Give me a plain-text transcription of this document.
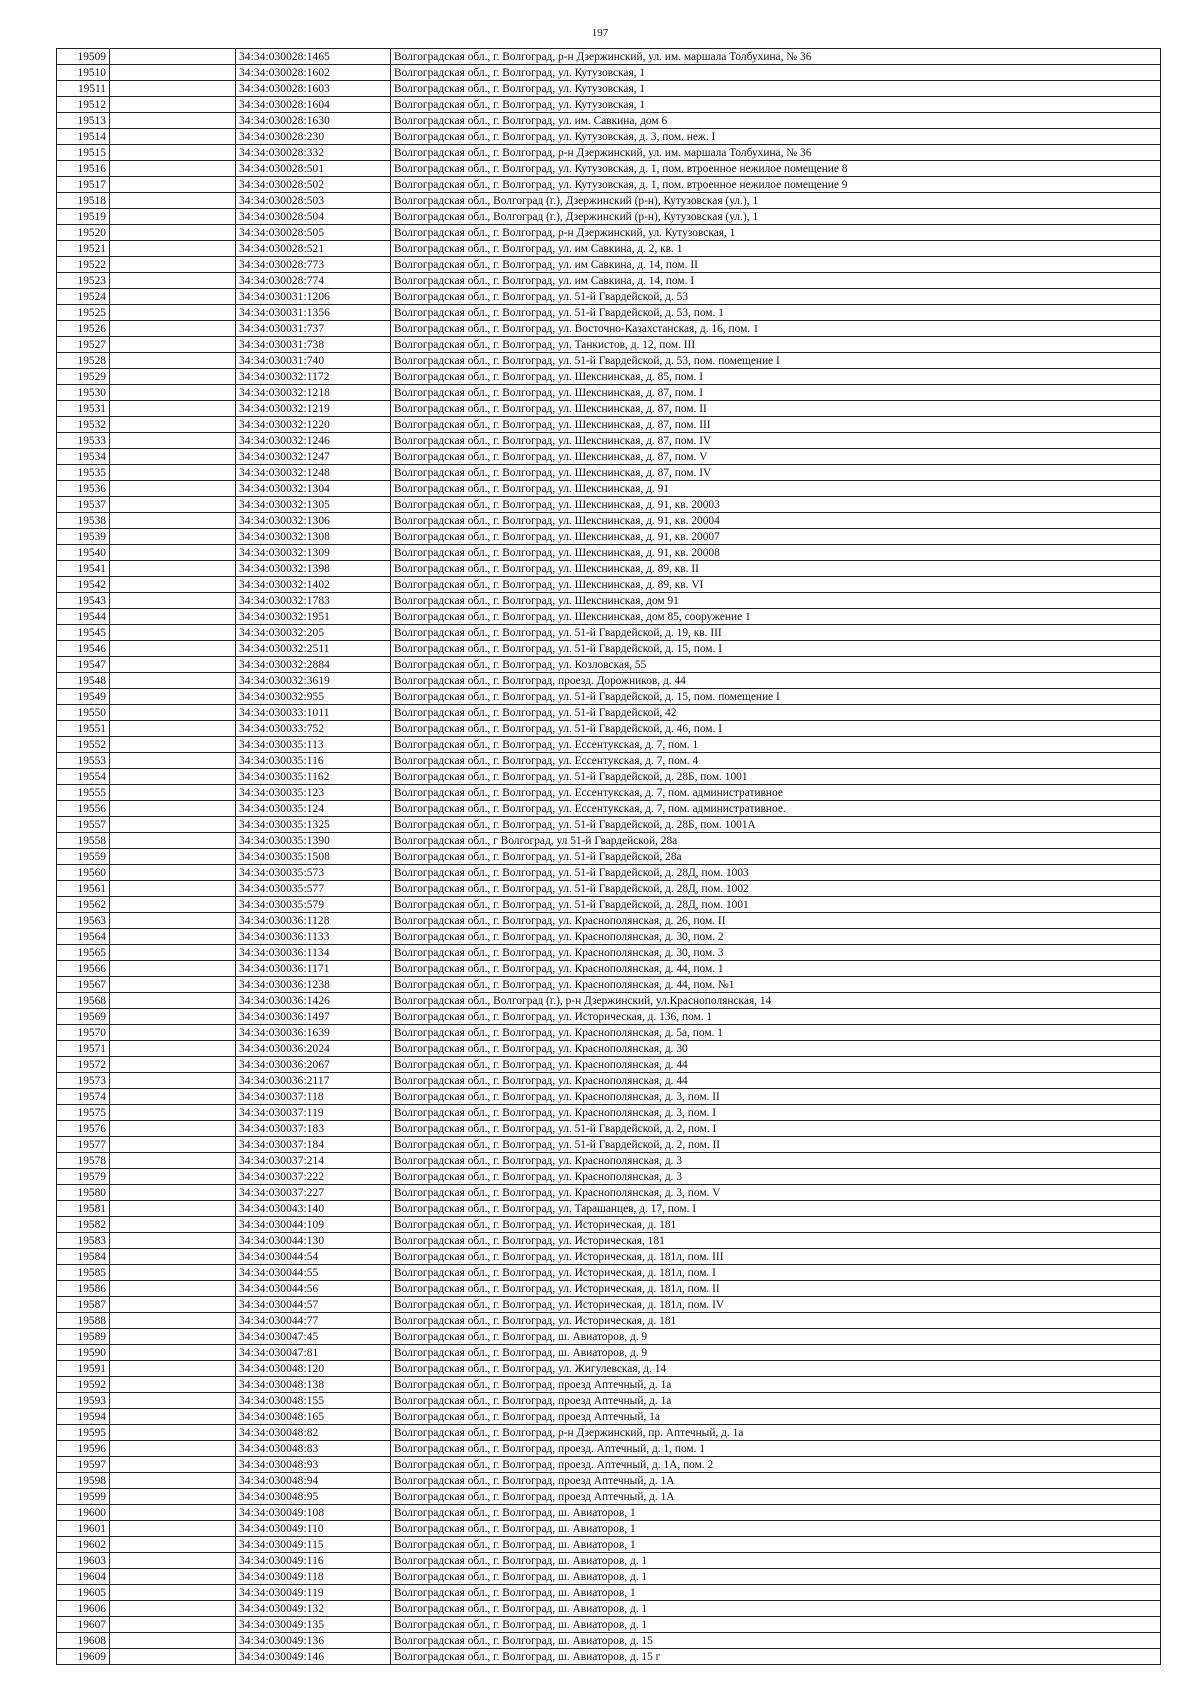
197
19509		34:34:030028:1465	Волгоградская обл., г. Волгоград, р-н Дзержинский, ул. им. маршала Толбухина, № 36
19510		34:34:030028:1602	Волгоградская обл., г. Волгоград, ул. Кутузовская, 1
19511		34:34:030028:1603	Волгоградская обл., г. Волгоград, ул. Кутузовская, 1
19512		34:34:030028:1604	Волгоградская обл., г. Волгоград, ул. Кутузовская, 1
19513		34:34:030028:1630	Волгоградская обл., г. Волгоград, ул. им. Савкина, дом 6
19514		34:34:030028:230	Волгоградская обл., г. Волгоград, ул. Кутузовская, д. 3, пом. неж. I
19515		34:34:030028:332	Волгоградская обл., г. Волгоград, р-н Дзержинский, ул. им. маршала Толбухина, № 36
19516		34:34:030028:501	Волгоградская обл., г. Волгоград, ул. Кутузовская, д. 1, пом. втроенное нежилое помещение 8
19517		34:34:030028:502	Волгоградская обл., г. Волгоград, ул. Кутузовская, д. 1, пом. втроенное нежилое помещение 9
19518		34:34:030028:503	Волгоградская обл., Волгоград (г.), Дзержинский (р-н), Кутузовская (ул.), 1
19519		34:34:030028:504	Волгоградская обл., Волгоград (г.), Дзержинский (р-н), Кутузовская (ул.), 1
19520		34:34:030028:505	Волгоградская обл., г. Волгоград, р-н Дзержинский, ул. Кутузовская, 1
19521		34:34:030028:521	Волгоградская обл., г. Волгоград, ул. им Савкина, д. 2, кв. 1
19522		34:34:030028:773	Волгоградская обл., г. Волгоград, ул. им Савкина, д. 14, пом. II
19523		34:34:030028:774	Волгоградская обл., г. Волгоград, ул. им Савкина, д. 14, пом. I
19524		34:34:030031:1206	Волгоградская обл., г. Волгоград, ул. 51-й Гвардейской, д. 53
19525		34:34:030031:1356	Волгоградская обл., г. Волгоград, ул. 51-й Гвардейской, д. 53, пом. 1
19526		34:34:030031:737	Волгоградская обл., г. Волгоград, ул. Восточно-Казахстанская, д. 16, пом. 1
19527		34:34:030031:738	Волгоградская обл., г. Волгоград, ул. Танкистов, д. 12, пом. III
19528		34:34:030031:740	Волгоградская обл., г. Волгоград, ул. 51-й Гвардейской, д. 53, пом. помещение I
19529		34:34:030032:1172	Волгоградская обл., г. Волгоград, ул. Шекснинская, д. 85, пом. I
19530		34:34:030032:1218	Волгоградская обл., г. Волгоград, ул. Шекснинская, д. 87, пом. I
19531		34:34:030032:1219	Волгоградская обл., г. Волгоград, ул. Шекснинская, д. 87, пом. II
19532		34:34:030032:1220	Волгоградская обл., г. Волгоград, ул. Шекснинская, д. 87, пом. III
19533		34:34:030032:1246	Волгоградская обл., г. Волгоград, ул. Шекснинская, д. 87, пом. IV
19534		34:34:030032:1247	Волгоградская обл., г. Волгоград, ул. Шекснинская, д. 87, пом. V
19535		34:34:030032:1248	Волгоградская обл., г. Волгоград, ул. Шекснинская, д. 87, пом. IV
19536		34:34:030032:1304	Волгоградская обл., г. Волгоград, ул. Шекснинская, д. 91
19537		34:34:030032:1305	Волгоградская обл., г. Волгоград, ул. Шекснинская, д. 91, кв. 20003
19538		34:34:030032:1306	Волгоградская обл., г. Волгоград, ул. Шекснинская, д. 91, кв. 20004
19539		34:34:030032:1308	Волгоградская обл., г. Волгоград, ул. Шекснинская, д. 91, кв. 20007
19540		34:34:030032:1309	Волгоградская обл., г. Волгоград, ул. Шекснинская, д. 91, кв. 20008
19541		34:34:030032:1398	Волгоградская обл., г. Волгоград, ул. Шекснинская, д. 89, кв. II
19542		34:34:030032:1402	Волгоградская обл., г. Волгоград, ул. Шекснинская, д. 89, кв. VI
19543		34:34:030032:1783	Волгоградская обл., г. Волгоград, ул. Шекснинская, дом 91
19544		34:34:030032:1951	Волгоградская обл., г. Волгоград, ул. Шекснинская, дом 85, сооружение 1
19545		34:34:030032:205	Волгоградская обл., г. Волгоград, ул. 51-й Гвардейской, д. 19, кв. III
19546		34:34:030032:2511	Волгоградская обл., г. Волгоград, ул. 51-й Гвардейской, д. 15, пом. I
19547		34:34:030032:2884	Волгоградская обл., г. Волгоград, ул. Козловская, 55
19548		34:34:030032:3619	Волгоградская обл., г. Волгоград, проезд. Дорожников, д. 44
19549		34:34:030032:955	Волгоградская обл., г. Волгоград, ул. 51-й Гвардейской, д. 15, пом. помещение I
19550		34:34:030033:1011	Волгоградская обл., г. Волгоград, ул. 51-й Гвардейской, 42
19551		34:34:030033:752	Волгоградская обл., г. Волгоград, ул. 51-й Гвардейской, д. 46, пом. I
19552		34:34:030035:113	Волгоградская обл., г. Волгоград, ул. Ессентукская, д. 7, пом. 1
19553		34:34:030035:116	Волгоградская обл., г. Волгоград, ул. Ессентукская, д. 7, пом. 4
19554		34:34:030035:1162	Волгоградская обл., г. Волгоград, ул. 51-й Гвардейской, д. 28Б, пом. 1001
19555		34:34:030035:123	Волгоградская обл., г. Волгоград, ул. Ессентукская, д. 7, пом. административное
19556		34:34:030035:124	Волгоградская обл., г. Волгоград, ул. Ессентукская, д. 7, пом. административное.
19557		34:34:030035:1325	Волгоградская обл., г. Волгоград, ул. 51-й Гвардейской, д. 28Б, пом. 1001А
19558		34:34:030035:1390	Волгоградская обл., г Волгоград, ул 51-й Гвардейской, 28а
19559		34:34:030035:1508	Волгоградская обл., г. Волгоград, ул. 51-й Гвардейской, 28а
19560		34:34:030035:573	Волгоградская обл., г. Волгоград, ул. 51-й Гвардейской, д. 28Д, пом. 1003
19561		34:34:030035:577	Волгоградская обл., г. Волгоград, ул. 51-й Гвардейской, д. 28Д, пом. 1002
19562		34:34:030035:579	Волгоградская обл., г. Волгоград, ул. 51-й Гвардейской, д. 28Д, пом. 1001
19563		34:34:030036:1128	Волгоградская обл., г. Волгоград, ул. Краснополянская, д. 26, пом. II
19564		34:34:030036:1133	Волгоградская обл., г. Волгоград, ул. Краснополянская, д. 30, пом. 2
19565		34:34:030036:1134	Волгоградская обл., г. Волгоград, ул. Краснополянская, д. 30, пом. 3
19566		34:34:030036:1171	Волгоградская обл., г. Волгоград, ул. Краснополянская, д. 44, пом. 1
19567		34:34:030036:1238	Волгоградская обл., г. Волгоград, ул. Краснополянская, д. 44, пом. №1
19568		34:34:030036:1426	Волгоградская обл., Волгоград (г.), р-н Дзержинский, ул.Краснополянская, 14
19569		34:34:030036:1497	Волгоградская обл., г. Волгоград, ул. Историческая, д. 136, пом. 1
19570		34:34:030036:1639	Волгоградская обл., г. Волгоград, ул. Краснополянская, д. 5а, пом. 1
19571		34:34:030036:2024	Волгоградская обл., г. Волгоград, ул. Краснополянская, д. 30
19572		34:34:030036:2067	Волгоградская обл., г. Волгоград, ул. Краснополянская, д. 44
19573		34:34:030036:2117	Волгоградская обл., г. Волгоград, ул. Краснополянская, д. 44
19574		34:34:030037:118	Волгоградская обл., г. Волгоград, ул. Краснополянская, д. 3, пом. II
19575		34:34:030037:119	Волгоградская обл., г. Волгоград, ул. Краснополянская, д. 3, пом. I
19576		34:34:030037:183	Волгоградская обл., г. Волгоград, ул. 51-й Гвардейской, д. 2, пом. I
19577		34:34:030037:184	Волгоградская обл., г. Волгоград, ул. 51-й Гвардейской, д. 2, пом. II
19578		34:34:030037:214	Волгоградская обл., г. Волгоград, ул. Краснополянская, д. 3
19579		34:34:030037:222	Волгоградская обл., г. Волгоград, ул. Краснополянская, д. 3
19580		34:34:030037:227	Волгоградская обл., г. Волгоград, ул. Краснополянская, д. 3, пом. V
19581		34:34:030043:140	Волгоградская обл., г. Волгоград, ул. Тарашанцев, д. 17, пом. I
19582		34:34:030044:109	Волгоградская обл., г. Волгоград, ул. Историческая, д. 181
19583		34:34:030044:130	Волгоградская обл., г. Волгоград, ул. Историческая, 181
19584		34:34:030044:54	Волгоградская обл., г. Волгоград, ул. Историческая, д. 181л, пом. III
19585		34:34:030044:55	Волгоградская обл., г. Волгоград, ул. Историческая, д. 181л, пом. I
19586		34:34:030044:56	Волгоградская обл., г. Волгоград, ул. Историческая, д. 181л, пом. II
19587		34:34:030044:57	Волгоградская обл., г. Волгоград, ул. Историческая, д. 181л, пом. IV
19588		34:34:030044:77	Волгоградская обл., г. Волгоград, ул. Историческая, д. 181
19589		34:34:030047:45	Волгоградская обл., г. Волгоград, ш. Авиаторов, д. 9
19590		34:34:030047:81	Волгоградская обл., г. Волгоград, ш. Авиаторов, д. 9
19591		34:34:030048:120	Волгоградская обл., г. Волгоград, ул. Жигулевская, д. 14
19592		34:34:030048:138	Волгоградская обл., г. Волгоград, проезд Аптечный, д. 1а
19593		34:34:030048:155	Волгоградская обл., г. Волгоград, проезд Аптечный, д. 1а
19594		34:34:030048:165	Волгоградская обл., г. Волгоград, проезд Аптечный, 1а
19595		34:34:030048:82	Волгоградская обл., г. Волгоград, р-н Дзержинский, пр. Аптечный, д. 1а
19596		34:34:030048:83	Волгоградская обл., г. Волгоград, проезд. Аптечный, д. 1, пом. 1
19597		34:34:030048:93	Волгоградская обл., г. Волгоград, проезд. Аптечный, д. 1А, пом. 2
19598		34:34:030048:94	Волгоградская обл., г. Волгоград, проезд Аптечный, д. 1А
19599		34:34:030048:95	Волгоградская обл., г. Волгоград, проезд Аптечный, д. 1А
19600		34:34:030049:108	Волгоградская обл., г. Волгоград, ш. Авиаторов, 1
19601		34:34:030049:110	Волгоградская обл., г. Волгоград, ш. Авиаторов, 1
19602		34:34:030049:115	Волгоградская обл., г. Волгоград, ш. Авиаторов, 1
19603		34:34:030049:116	Волгоградская обл., г. Волгоград, ш. Авиаторов, д. 1
19604		34:34:030049:118	Волгоградская обл., г. Волгоград, ш. Авиаторов, д. 1
19605		34:34:030049:119	Волгоградская обл., г. Волгоград, ш. Авиаторов, 1
19606		34:34:030049:132	Волгоградская обл., г. Волгоград, ш. Авиаторов, д. 1
19607		34:34:030049:135	Волгоградская обл., г. Волгоград, ш. Авиаторов, д. 1
19608		34:34:030049:136	Волгоградская обл., г. Волгоград, ш. Авиаторов, д. 15
19609		34:34:030049:146	Волгоградская обл., г. Волгоград, ш. Авиаторов, д. 15 г
